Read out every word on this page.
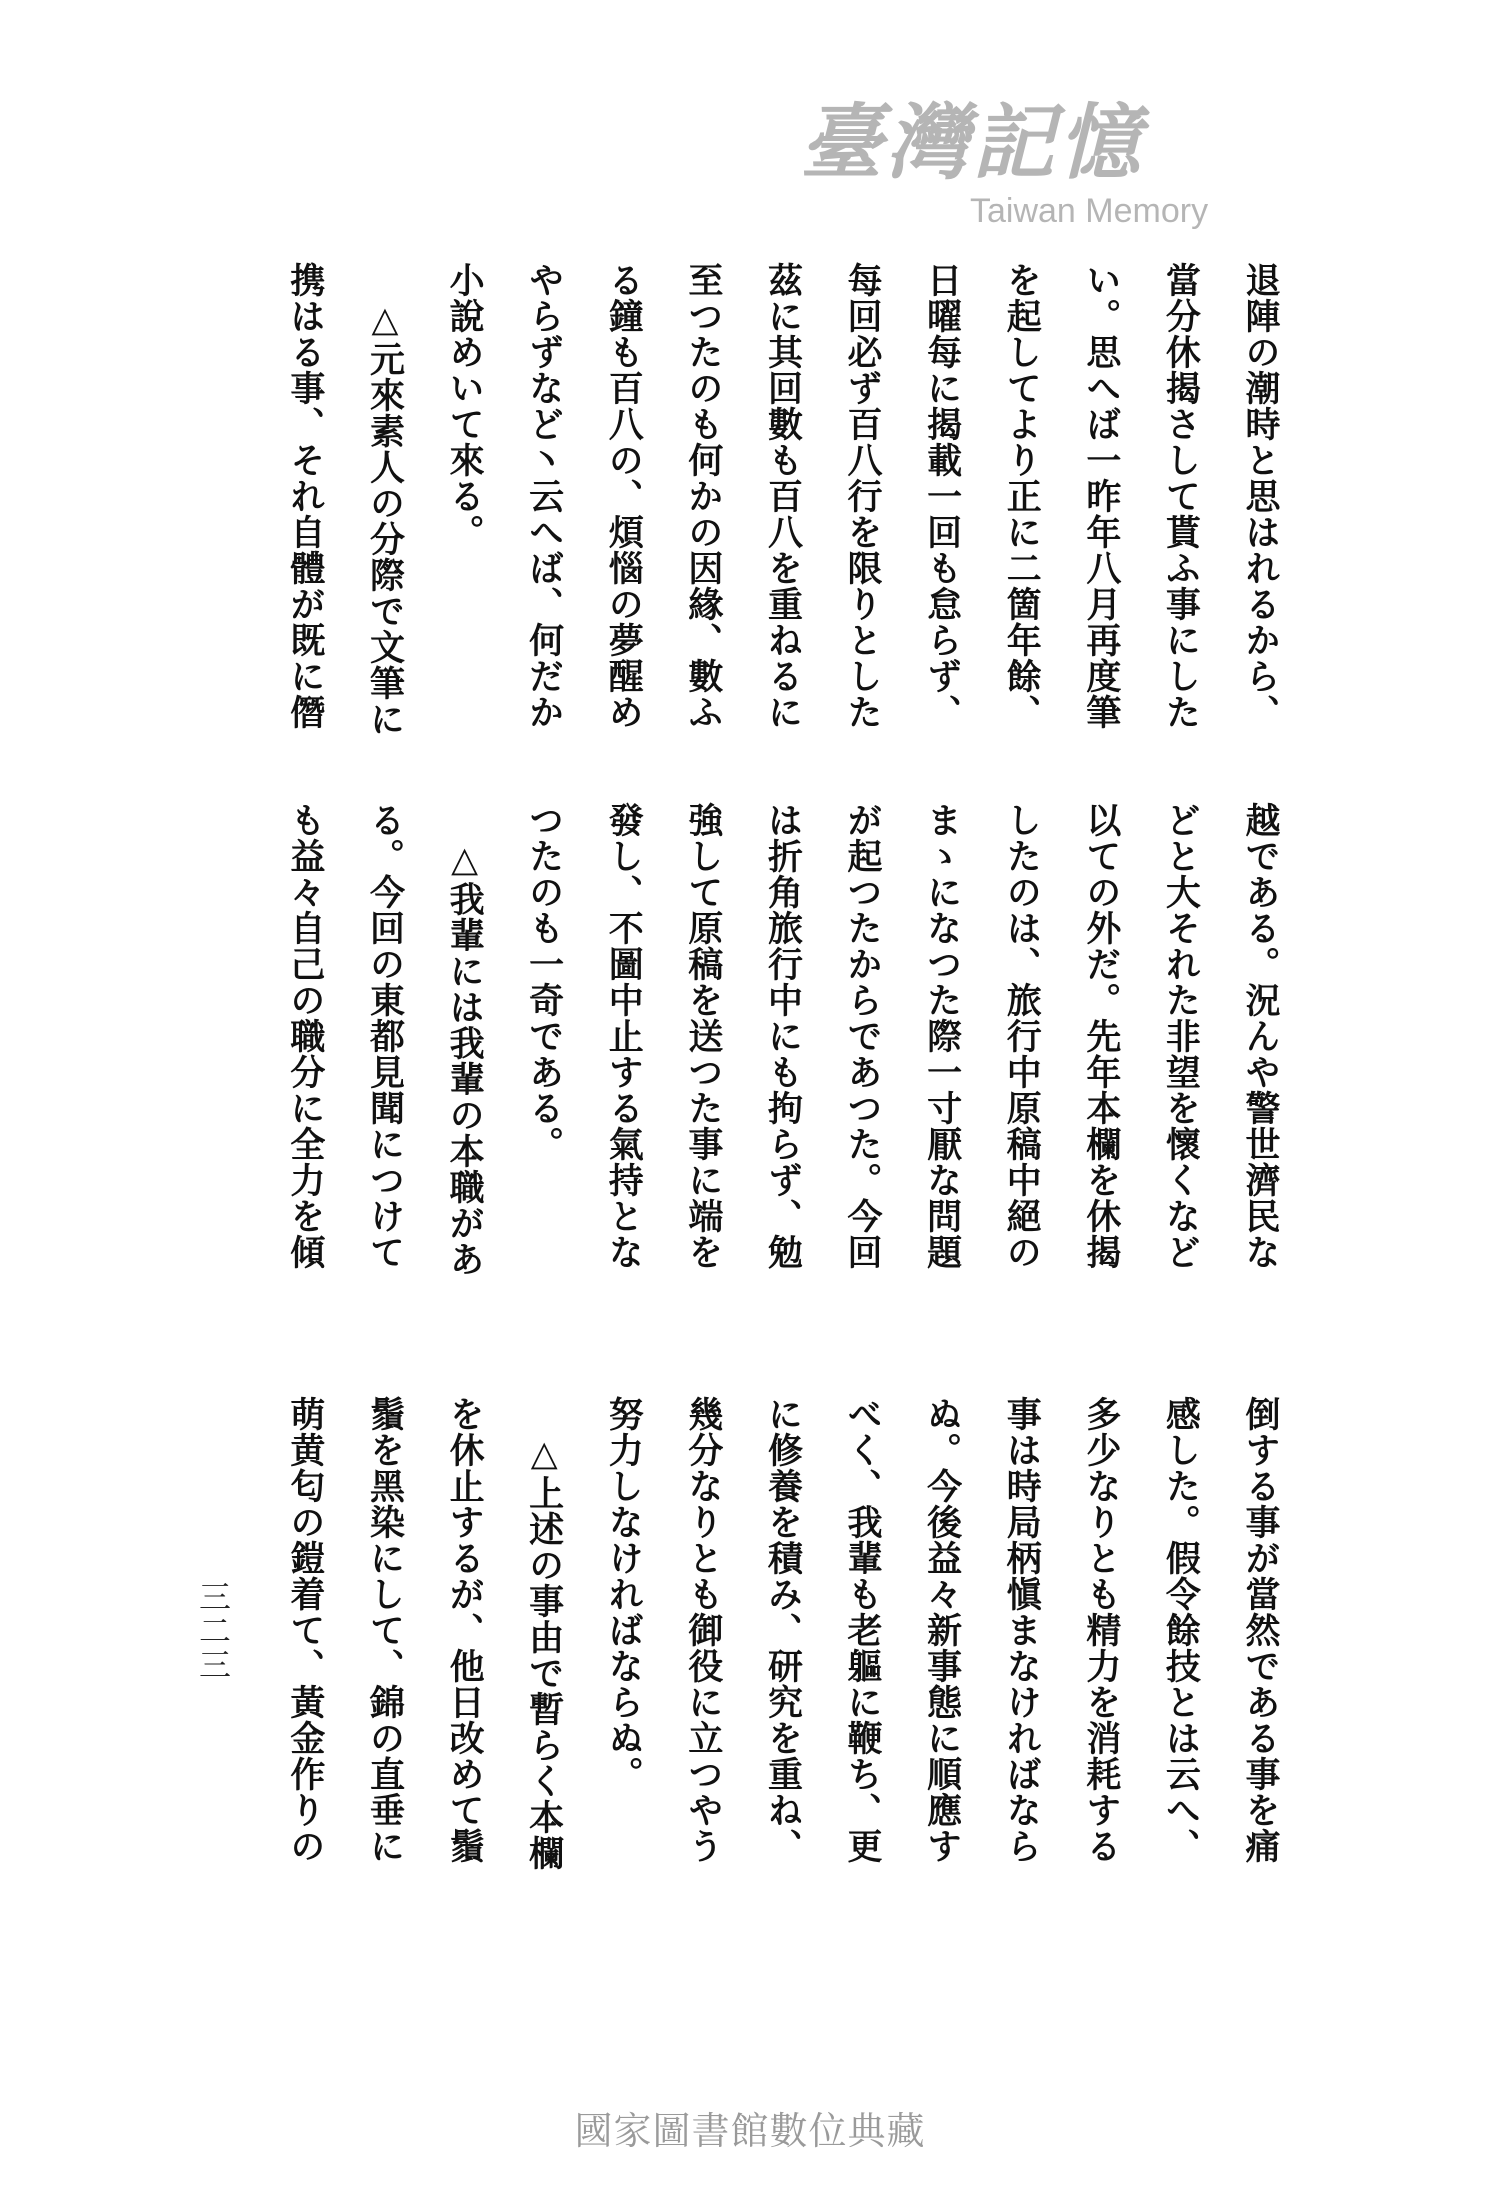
退陣の潮時と思はれるから、
當分休揭さして貰ふ事にした
い。思へば一昨年八月再度筆
を起してより正に二箇年餘、
日曜每に揭載一回も怠らず、
每回必ず百八行を限りとした
茲に其回數も百八を重ねるに
至つたのも何かの因緣、數ふ
る鐘も百八の、煩惱の夢醒め
やらずなど丶云へば、何だか
小說めいて來る。
△元來素人の分際で文筆に
携はる事、それ自體が既に僭
越である。況んや警世濟民な
どと大それた非望を懷くなど
以ての外だ。先年本欄を休揭
したのは、旅行中原稿中絕の
まゝになつた際一寸厭な問題
が起つたからであつた。今回
は折角旅行中にも拘らず、勉
強して原稿を送つた事に端を
發し、不圖中止する氣持とな
つたのも一奇である。
△我輩には我輩の本職があ
る。今回の東都見聞につけて
も益々自己の職分に全力を傾
倒する事が當然である事を痛
感した。假令餘技とは云へ、
多少なりとも精力を消耗する
事は時局柄愼まなければなら
ぬ。今後益々新事態に順應す
べく、我輩も老軀に鞭ち、更
に修養を積み、研究を重ね、
幾分なりとも御役に立つやう
努力しなければならぬ。
△上述の事由で暫らく本欄
を休止するが、他日改めて鬚
鬚を黑染にして、錦の直垂に
萌黄匂の鎧着て、黃金作りの
三二三
臺灣記憶
Taiwan Memory
國家圖書館數位典藏
